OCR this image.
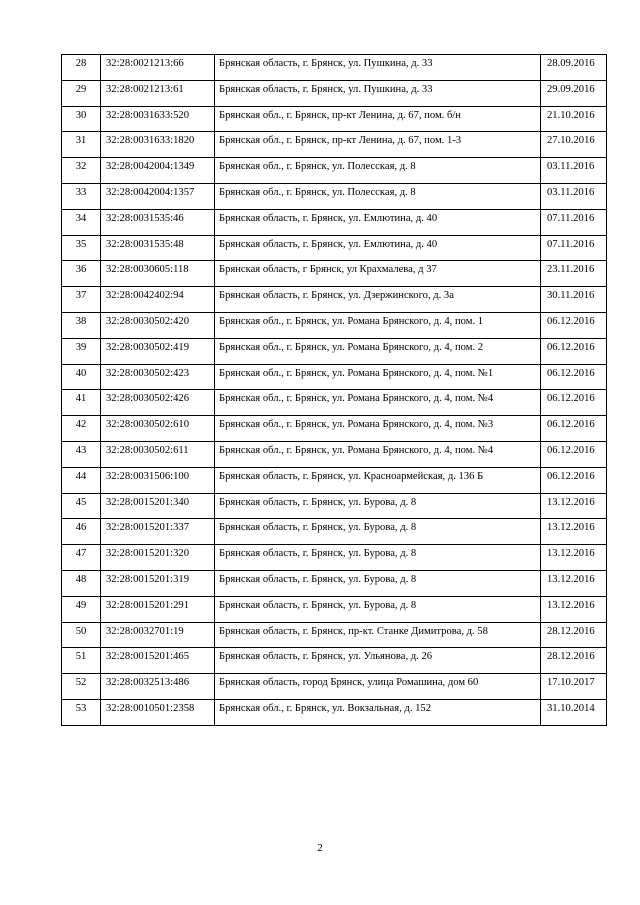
28	32:28:0021213:66	Брянская область, г. Брянск, ул. Пушкина, д. 33	28.09.2016
29	32:28:0021213:61	Брянская область, г. Брянск, ул. Пушкина, д. 33	29.09.2016
30	32:28:0031633:520	Брянская обл., г. Брянск, пр-кт Ленина, д. 67, пом. б/н	21.10.2016
31	32:28:0031633:1820	Брянская обл., г. Брянск, пр-кт Ленина, д. 67, пом. 1-3	27.10.2016
32	32:28:0042004:1349	Брянская обл., г. Брянск, ул. Полесская, д. 8	03.11.2016
33	32:28:0042004:1357	Брянская обл., г. Брянск, ул. Полесская, д. 8	03.11.2016
34	32:28:0031535:46	Брянская область, г. Брянск, ул. Емлютина, д. 40	07.11.2016
35	32:28:0031535:48	Брянская область, г. Брянск, ул. Емлютина, д. 40	07.11.2016
36	32:28:0030605:118	Брянская область, г Брянск, ул Крахмалева, д 37	23.11.2016
37	32:28:0042402:94	Брянская область, г. Брянск, ул. Дзержинского, д. 3а	30.11.2016
38	32:28:0030502:420	Брянская обл., г. Брянск, ул. Романа Брянского, д. 4, пом. 1	06.12.2016
39	32:28:0030502:419	Брянская обл., г. Брянск, ул. Романа Брянского, д. 4, пом. 2	06.12.2016
40	32:28:0030502:423	Брянская обл., г. Брянск, ул. Романа Брянского, д. 4, пом. №1	06.12.2016
41	32:28:0030502:426	Брянская обл., г. Брянск, ул. Романа Брянского, д. 4, пом. №4	06.12.2016
42	32:28:0030502:610	Брянская обл., г. Брянск, ул. Романа Брянского, д. 4, пом. №3	06.12.2016
43	32:28:0030502:611	Брянская обл., г. Брянск, ул. Романа Брянского, д. 4, пом. №4	06.12.2016
44	32:28:0031506:100	Брянская область, г. Брянск, ул. Красноармейская, д. 136 Б	06.12.2016
45	32:28:0015201:340	Брянская область, г. Брянск, ул. Бурова, д. 8	13.12.2016
46	32:28:0015201:337	Брянская область, г. Брянск, ул. Бурова, д. 8	13.12.2016
47	32:28:0015201:320	Брянская область, г. Брянск, ул. Бурова, д. 8	13.12.2016
48	32:28:0015201:319	Брянская область, г. Брянск, ул. Бурова, д. 8	13.12.2016
49	32:28:0015201:291	Брянская область, г. Брянск, ул. Бурова, д. 8	13.12.2016
50	32:28:0032701:19	Брянская область, г. Брянск, пр-кт. Станке Димитрова, д. 58	28.12.2016
51	32:28:0015201:465	Брянская область, г. Брянск, ул. Ульянова, д. 26	28.12.2016
52	32:28:0032513:486	Брянская область, город Брянск, улица Ромашина, дом 60	17.10.2017
53	32:28:0010501:2358	Брянская обл., г. Брянск, ул. Вокзальная, д. 152	31.10.2014
2
